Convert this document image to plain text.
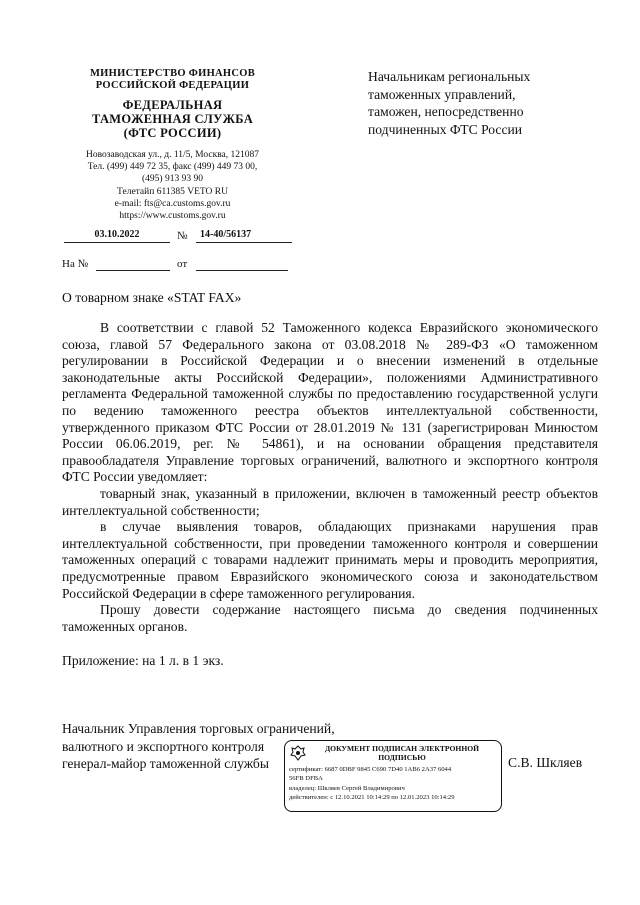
МИНИСТЕРСТВО ФИНАНСОВ
РОССИЙСКОЙ ФЕДЕРАЦИИ
ФЕДЕРАЛЬНАЯ
ТАМОЖЕННАЯ СЛУЖБА
(ФТС РОССИИ)
Новозаводская ул., д. 11/5, Москва, 121087
Тел. (499) 449 72 35, факс (499) 449 73 00,
(495) 913 93 90
Телетайп 611385 VETO RU
e-mail: fts@ca.customs.gov.ru
https://www.customs.gov.ru
03.10.2022	№	14-40/56137
На №	от
Начальникам региональных
таможенных управлений,
таможен, непосредственно
подчиненных ФТС России
О товарном знаке «STAT FAX»

В соответствии с главой 52 Таможенного кодекса Евразийского экономического союза, главой 57 Федерального закона от 03.08.2018 № 289-ФЗ «О таможенном регулировании в Российской Федерации и о внесении изменений в отдельные законодательные акты Российской Федерации», положениями Административного регламента Федеральной таможенной службы по предоставлению государственной услуги по ведению таможенного реестра объектов интеллектуальной собственности, утвержденного приказом ФТС России от 28.01.2019 № 131 (зарегистрирован Минюстом России 06.06.2019, рег. № 54861), и на основании обращения представителя правообладателя Управление торговых ограничений, валютного и экспортного контроля ФТС России уведомляет:

товарный знак, указанный в приложении, включен в таможенный реестр объектов интеллектуальной собственности;

в случае выявления товаров, обладающих признаками нарушения прав интеллектуальной собственности, при проведении таможенного контроля и совершении таможенных операций с товарами надлежит принимать меры и проводить мероприятия, предусмотренные правом Евразийского экономического союза и законодательством Российской Федерации в сфере таможенного регулирования.

Прошу довести содержание настоящего письма до сведения подчиненных таможенных органов.

Приложение: на 1 л. в 1 экз.

Начальник Управления торговых ограничений,
валютного и экспортного контроля
генерал-майор таможенной службы	С.В. Шкляев
ДОКУМЕНТ ПОДПИСАН ЭЛЕКТРОННОЙ
ПОДПИСЬЮ
сертификат: 6687 0DBF 9845 C690 7D40 1AB6 2A37 6044
56FB DFBA
владелец: Шкляев Сергей Владимирович
действителен: с 12.10.2021 10:14:29 по 12.01.2023 10:14:29
